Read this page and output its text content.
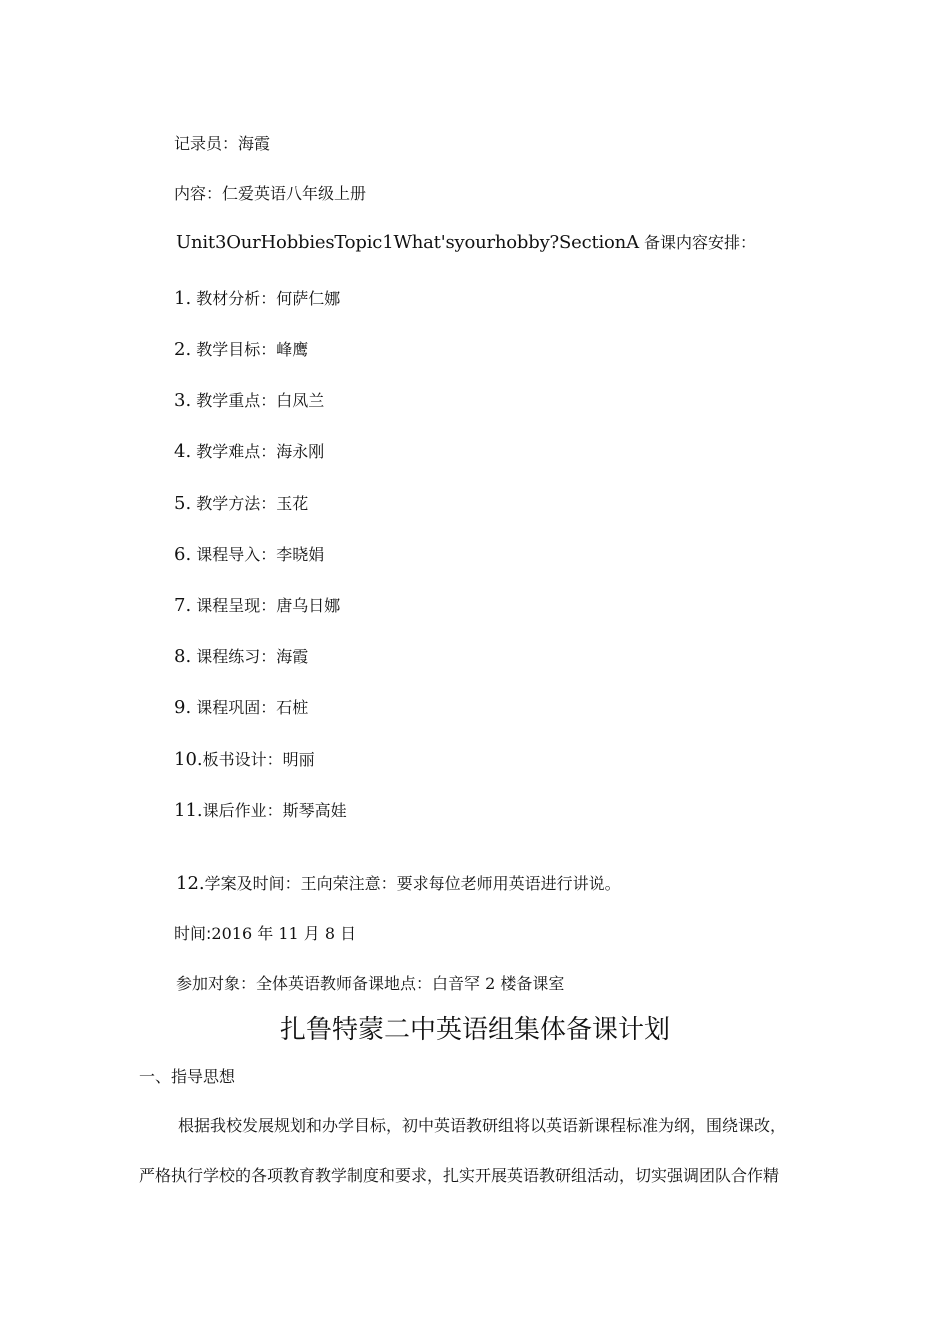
记录员：海霞
内容：仁爱英语八年级上册
Unit3OurHobbiesTopic1What'syourhobby?SectionA 备课内容安排：
1. 教材分析：何萨仁娜
2. 教学目标：峰鹰
3. 教学重点：白凤兰
4. 教学难点：海永刚
5. 教学方法：玉花
6. 课程导入：李晓娟
7. 课程呈现：唐乌日娜
8. 课程练习：海霞
9. 课程巩固：石桩
10.板书设计：明丽
11.课后作业：斯琴高娃
12.学案及时间：王向荣注意：要求每位老师用英语进行讲说。
时间:2016 年 11 月 8 日
参加对象：全体英语教师备课地点：白音罕 2 楼备课室
扎鲁特蒙二中英语组集体备课计划
一、指导思想
根据我校发展规划和办学目标，初中英语教研组将以英语新课程标准为纲，围绕课改，
严格执行学校的各项教育教学制度和要求，扎实开展英语教研组活动，切实强调团队合作精
